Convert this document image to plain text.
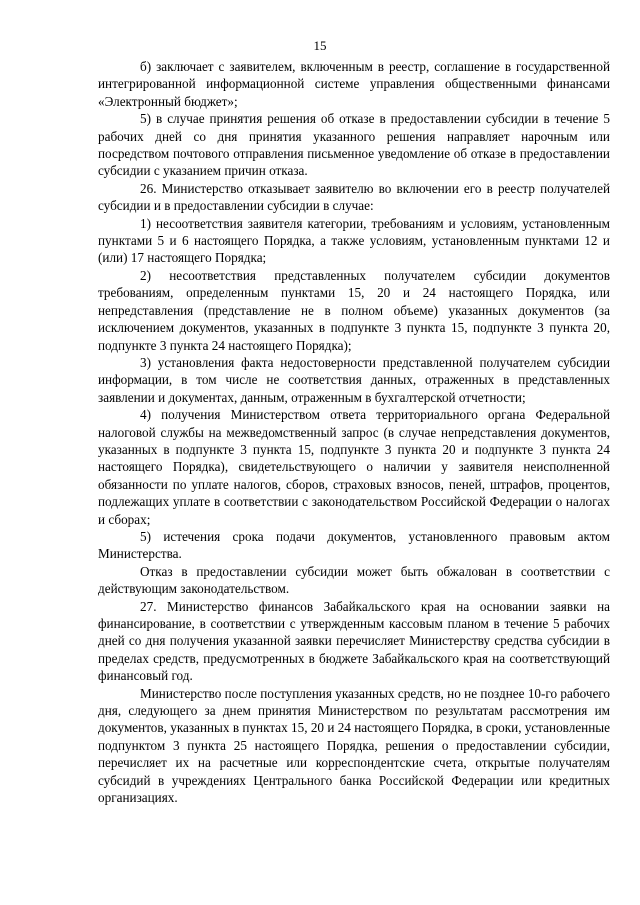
15

б) заключает с заявителем, включенным в реестр, соглашение в государственной интегрированной информационной системе управления общественными финансами «Электронный бюджет»;

5) в случае принятия решения об отказе в предоставлении субсидии в течение 5 рабочих дней со дня принятия указанного решения направляет нарочным или посредством почтового отправления письменное уведомление об отказе в предоставлении субсидии с указанием причин отказа.

26. Министерство отказывает заявителю во включении его в реестр получателей субсидии и в предоставлении субсидии в случае:

1) несоответствия заявителя категории, требованиям и условиям, установленным пунктами 5 и 6 настоящего Порядка, а также условиям, установленным пунктами 12 и (или) 17 настоящего Порядка;

2) несоответствия представленных получателем субсидии документов требованиям, определенным пунктами 15, 20 и 24 настоящего Порядка, или непредставления (представление не в полном объеме) указанных документов (за исключением документов, указанных в подпункте 3 пункта 15, подпункте 3 пункта 20, подпункте 3 пункта 24 настоящего Порядка);

3) установления факта недостоверности представленной получателем субсидии информации, в том числе не соответствия данных, отраженных в представленных заявлении и документах, данным, отраженным в бухгалтерской отчетности;

4) получения Министерством ответа территориального органа Федеральной налоговой службы на межведомственный запрос (в случае непредставления документов, указанных в подпункте 3 пункта 15, подпункте 3 пункта 20 и подпункте 3 пункта 24 настоящего Порядка), свидетельствующего о наличии у заявителя неисполненной обязанности по уплате налогов, сборов, страховых взносов, пеней, штрафов, процентов, подлежащих уплате в соответствии с законодательством Российской Федерации о налогах и сборах;

5) истечения срока подачи документов, установленного правовым актом Министерства.

Отказ в предоставлении субсидии может быть обжалован в соответствии с действующим законодательством.

27. Министерство финансов Забайкальского края на основании заявки на финансирование, в соответствии с утвержденным кассовым планом в течение 5 рабочих дней со дня получения указанной заявки перечисляет Министерству средства субсидии в пределах средств, предусмотренных в бюджете Забайкальского края на соответствующий финансовый год.

Министерство после поступления указанных средств, но не позднее 10-го рабочего дня, следующего за днем принятия Министерством по результатам рассмотрения им документов, указанных в пунктах 15, 20 и 24 настоящего Порядка, в сроки, установленные подпунктом 3 пункта 25 настоящего Порядка, решения о предоставлении субсидии, перечисляет их на расчетные или корреспондентские счета, открытые получателям субсидий в учреждениях Центрального банка Российской Федерации или кредитных организациях.
